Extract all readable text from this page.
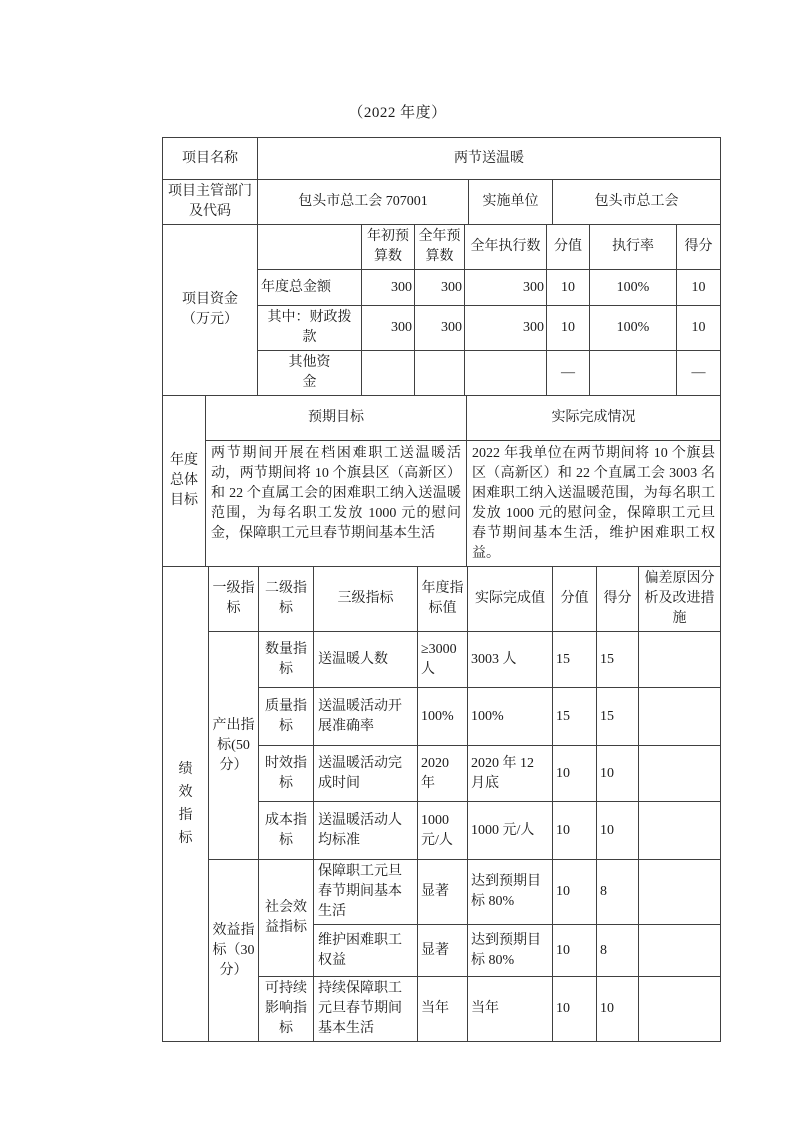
（2022 年度）
项目名称	两节送温暖		
项目主管部门及代码	包头市总工会 707001	实施单位	包头市总工会
项目资金（万元）		年初预算数	全年预算数	全年执行数	分值	执行率	得分
	年度总金额	300	300	300	10	100%	10
	其中：财政拨款	300	300	300	10	100%	10
	其他资金				—		—
年度总体目标	预期目标	实际完成情况
	两节期间开展在档困难职工送温暖活动，两节期间将 10 个旗县区（高新区）和 22 个直属工会的困难职工纳入送温暖范围，为每名职工发放 1000 元的慰问金，保障职工元旦春节期间基本生活	2022 年我单位在两节期间将 10 个旗县区（高新区）和 22 个直属工会 3003 名困难职工纳入送温暖范围，为每名职工发放 1000 元的慰问金，保障职工元旦春节期间基本生活，维护困难职工权益。
绩效指标	一级指标	二级指标	三级指标	年度指标值	实际完成值	分值	得分	偏差原因分析及改进措施
	产出指标(50分）	数量指标	送温暖人数	≥3000 人	3003 人	15	15	
		质量指标	送温暖活动开展准确率	100%	100%	15	15	
		时效指标	送温暖活动完成时间	2020 年	2020 年 12 月底	10	10	
		成本指标	送温暖活动人均标准	1000 元/人	1000 元/人	10	10	
	效益指标（30分）	社会效益指标	保障职工元旦春节期间基本生活	显著	达到预期目标 80%	10	8	
			维护困难职工权益	显著	达到预期目标 80%	10	8	
		可持续影响指标	持续保障职工元旦春节期间基本生活	当年	当年	10	10	
